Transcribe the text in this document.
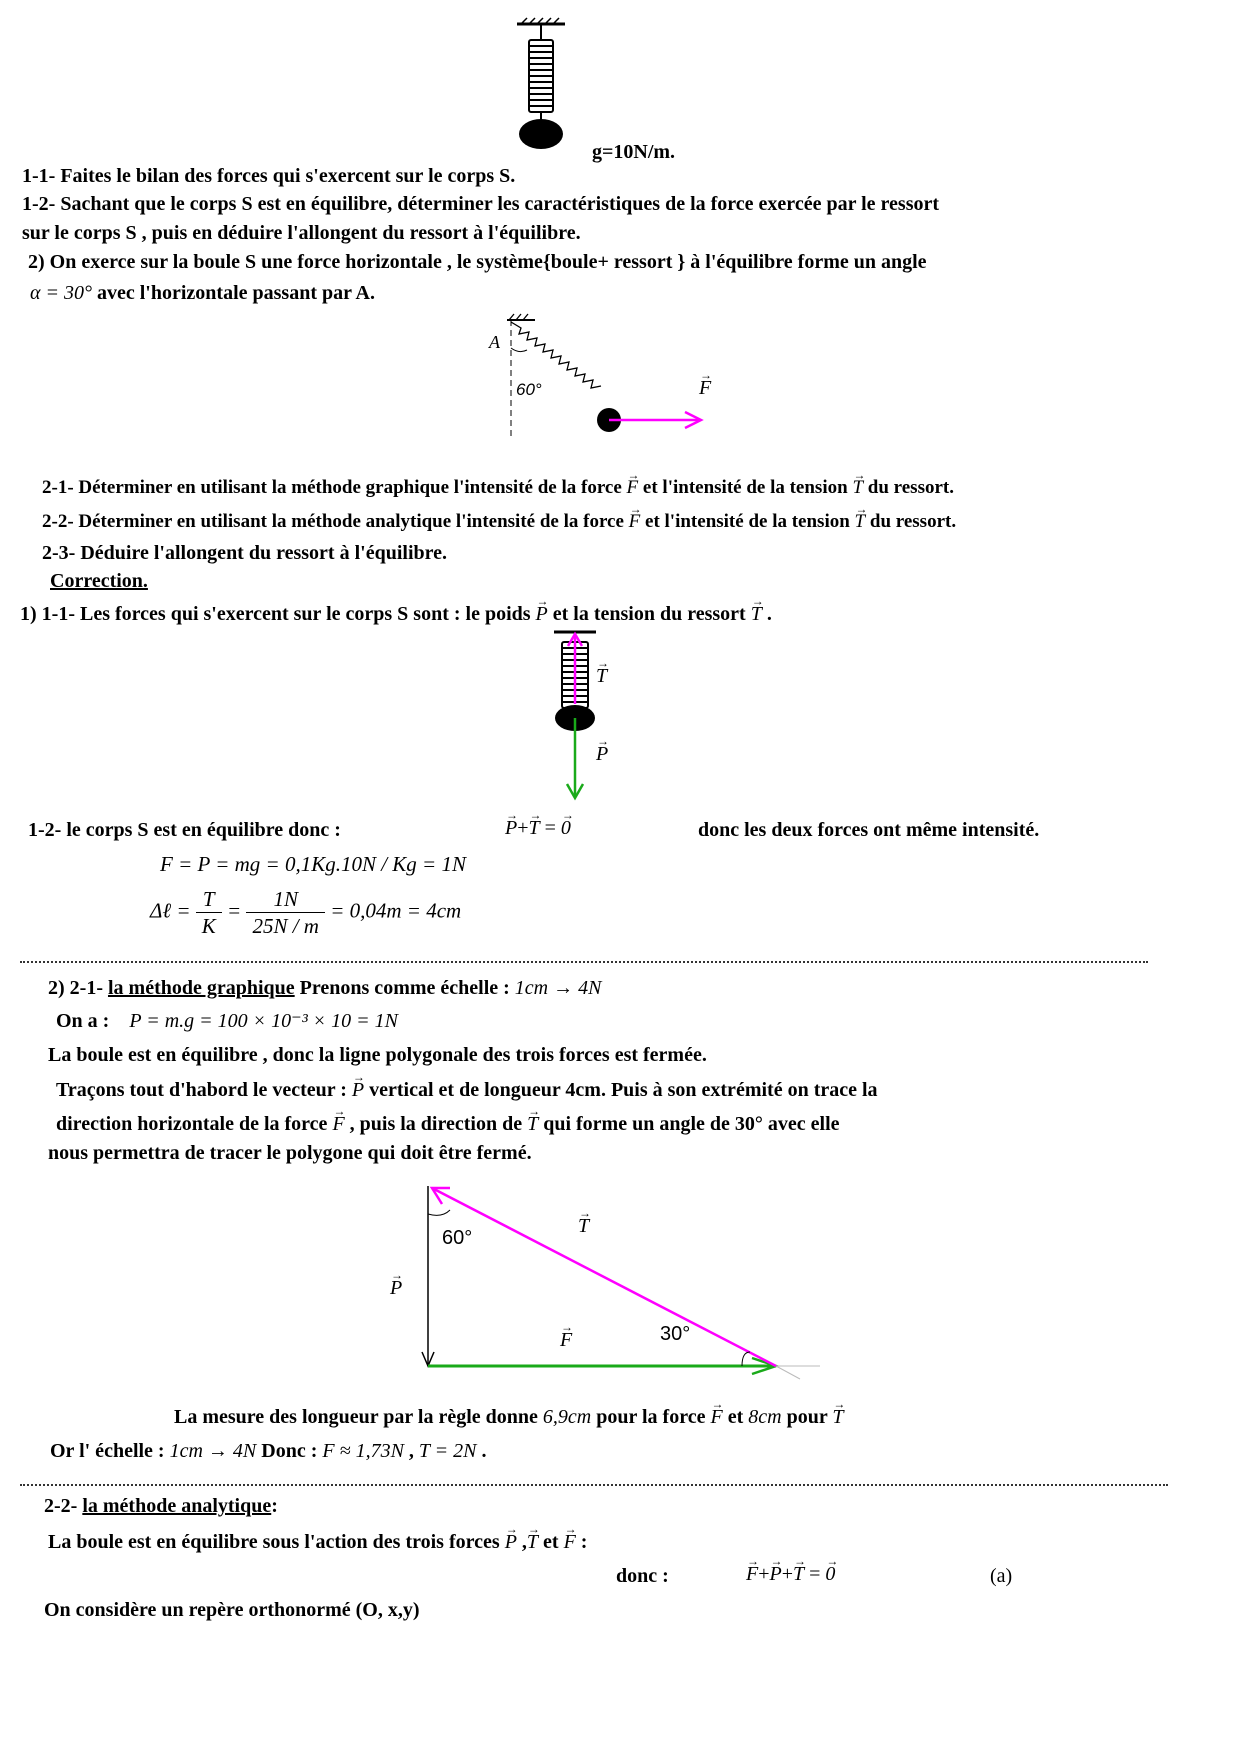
g=10N/m.
1-1- Faites le bilan des forces qui s'exercent sur le corps S.
1-2- Sachant que le corps S est en équilibre, déterminer les caractéristiques de la force exercée par le ressort
sur le corps S , puis en déduire l'allongent du ressort à l'équilibre.
2) On exerce sur la boule S une force horizontale , le système{boule+ ressort } à l'équilibre forme un angle
α = 30° avec l'horizontale passant par A.
A
60°	→ F
2-1- Déterminer en utilisant la méthode graphique l'intensité de la force → F et l'intensité de la tension → T du ressort.
2-2- Déterminer en utilisant la méthode analytique l'intensité de la force → F et l'intensité de la tension → T du ressort.
2-3- Déduire l'allongent du ressort à l'équilibre.
Correction.
1) 1-1- Les forces qui s'exercent sur le corps S sont : le poids → P et la tension du ressort → T .
→ T
→ P
1-2- le corps S est en équilibre donc :	→ P+→ T = → 0	donc les deux forces ont même intensité.
F = P = mg = 0,1Kg.10N / Kg = 1N
Δℓ = $\frac{T}{K} = \frac{1N}{25N / m} = 0,04m = 4cm$
2) 2-1- la méthode graphique Prenons comme échelle : 1cm → 4N
On a : P = m.g = 100 × 10⁻³ × 10 = 1N
La boule est en équilibre , donc la ligne polygonale des trois forces est fermée.
Traçons tout d'habord le vecteur : → P vertical et de longueur 4cm. Puis à son extrémité on trace la
direction horizontale de la force → F , puis la direction de → T qui forme un angle de 30° avec elle
nous permettra de tracer le polygone qui doit être fermé.
60°
→ T
→ P
→ F	30°
La mesure des longueur par la règle donne 6,9cm pour la force → F et 8cm pour → T
Or l' échelle : 1cm → 4N Donc : F ≈ 1,73N , T = 2N .
2-2- la méthode analytique:
La boule est en équilibre sous l'action des trois forces → P ,→ T et → F :
donc :	→ F+→ P+→ T = → 0	(a)
On considère un repère orthonormé (O, x,y)
